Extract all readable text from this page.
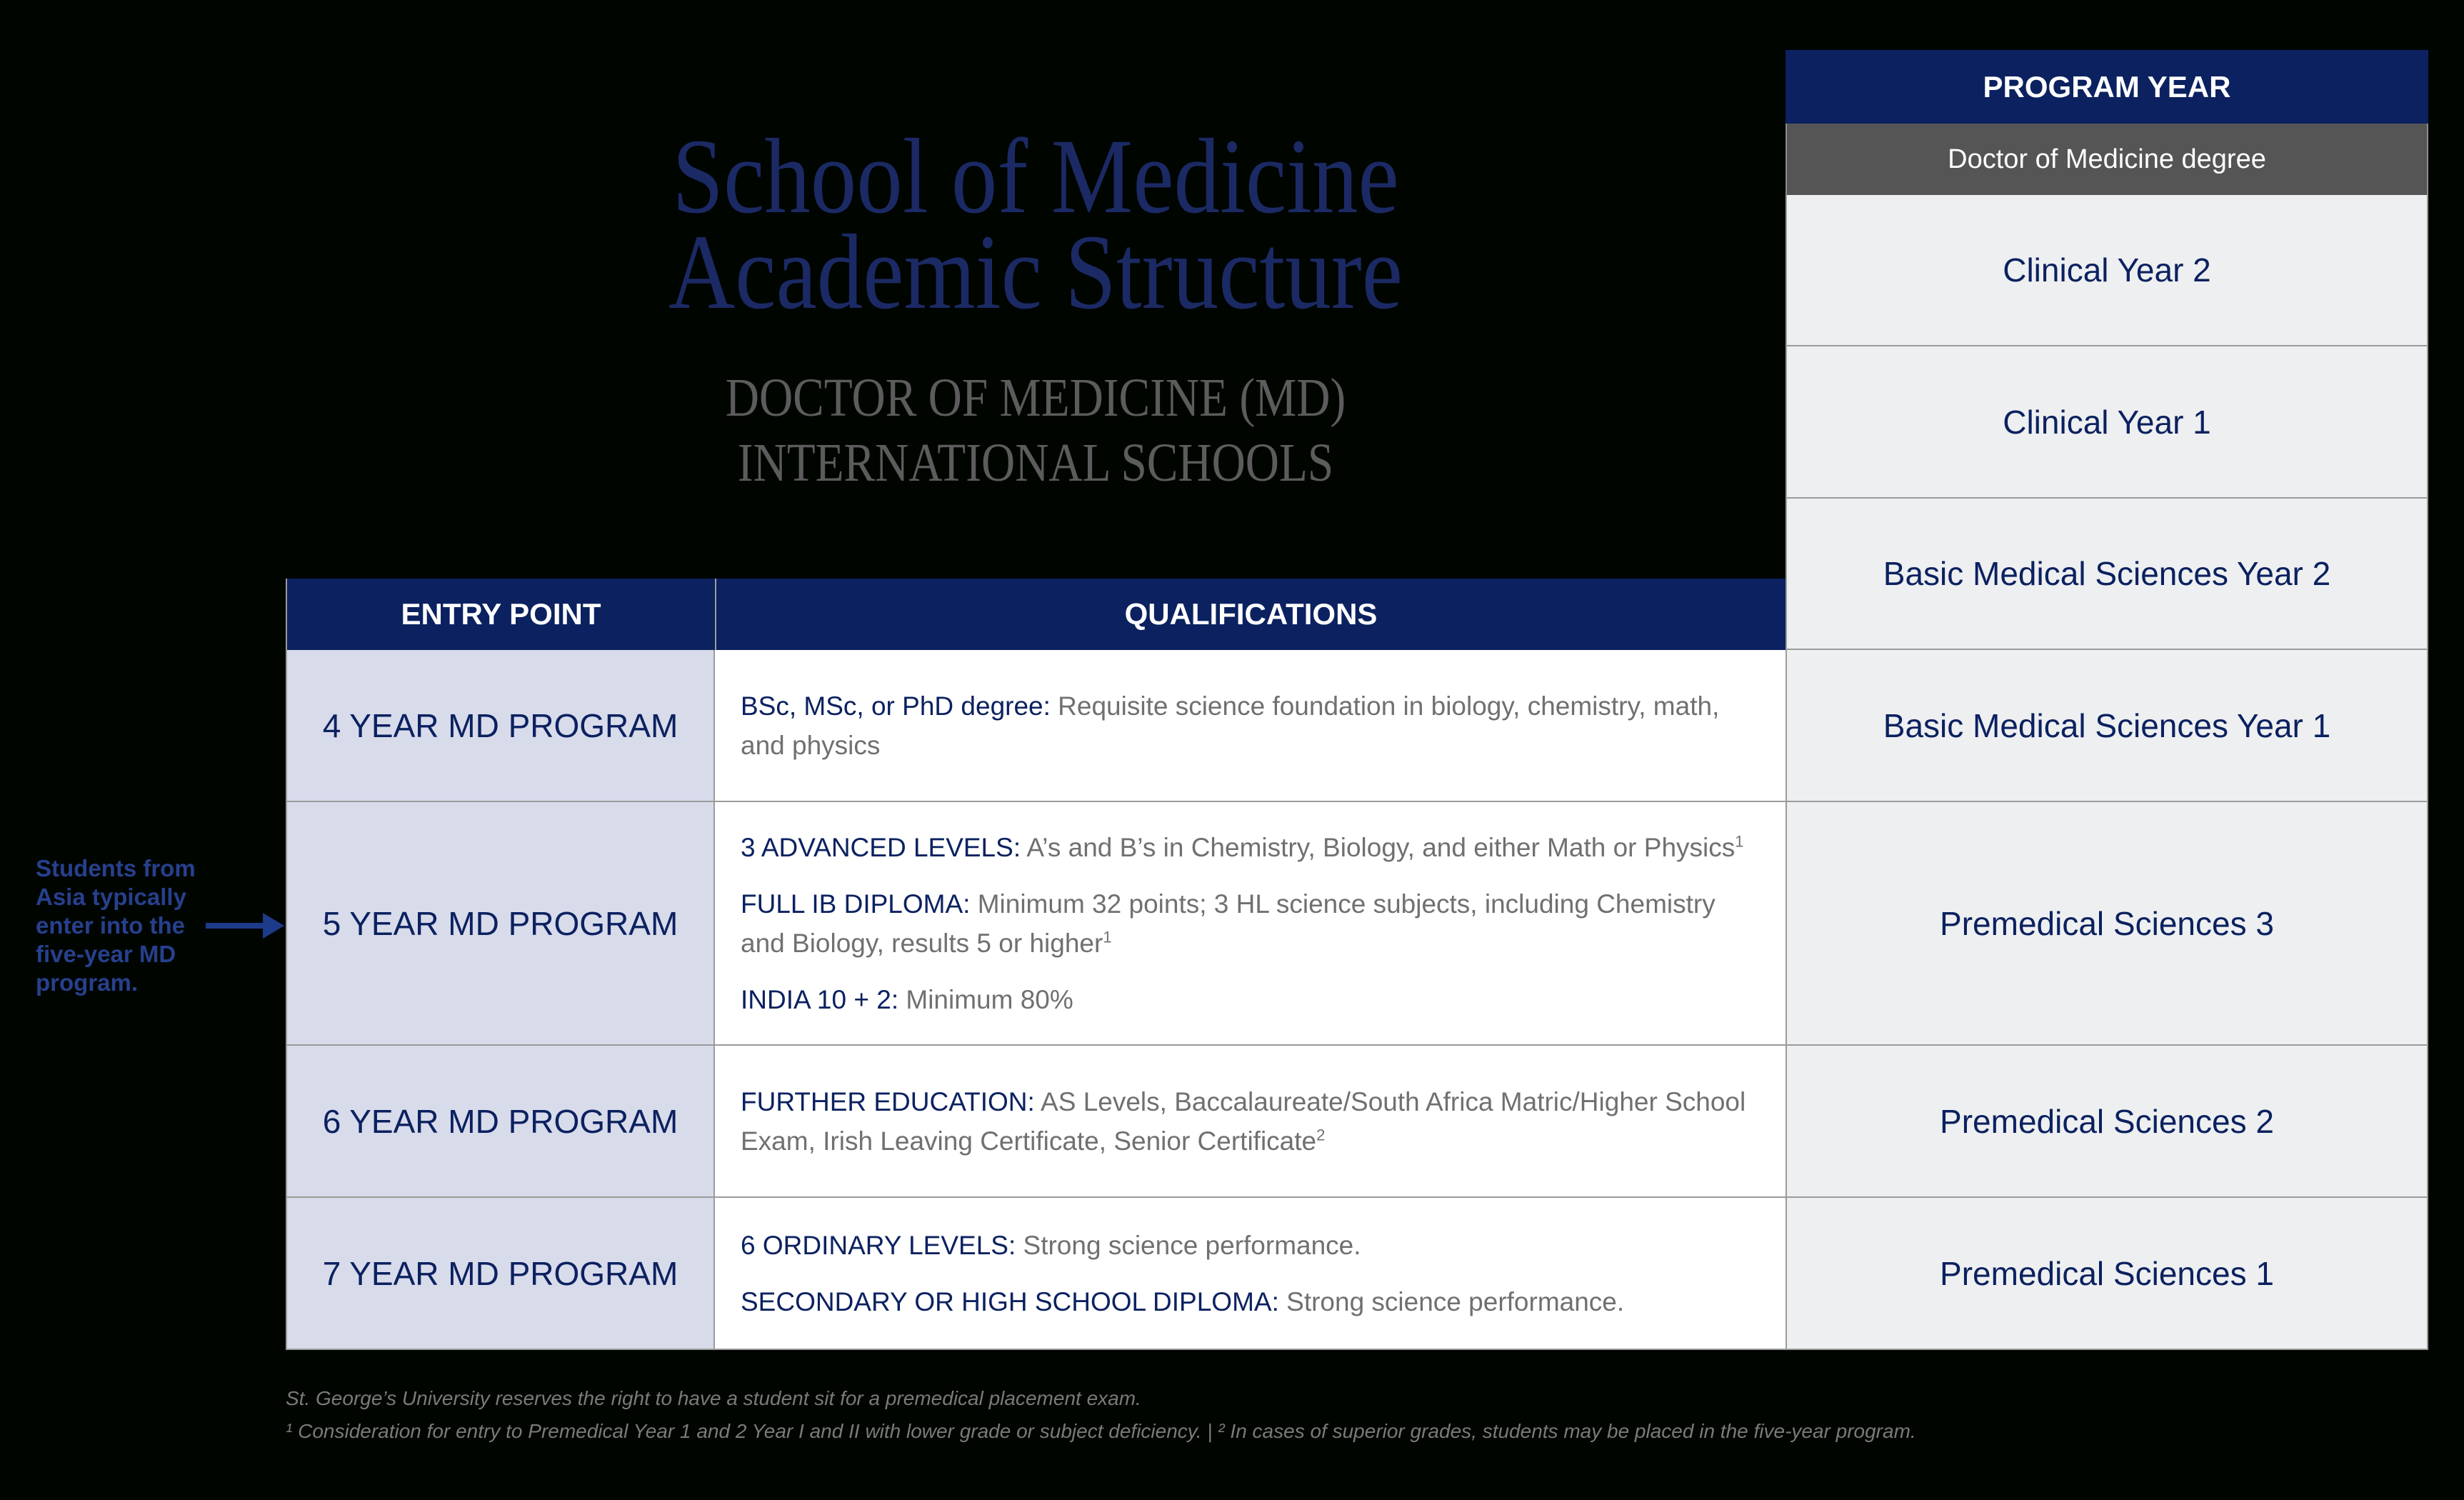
School of Medicine
Academic Structure
DOCTOR OF MEDICINE (MD)
INTERNATIONAL SCHOOLS
PROGRAM YEAR
Doctor of Medicine degree
Clinical Year 2
Clinical Year 1
Basic Medical Sciences Year 2
Basic Medical Sciences Year 1
Premedical Sciences 3
Premedical Sciences 2
Premedical Sciences 1
ENTRY POINT	QUALIFICATIONS
4 YEAR MD PROGRAM

BSc, MSc, or PhD degree: Requisite science foundation in biology, chemistry, math, and physics

5 YEAR MD PROGRAM

3 ADVANCED LEVELS: A’s and B’s in Chemistry, Biology, and either Math or Physics$^1$

FULL IB DIPLOMA: Minimum 32 points; 3 HL science subjects, including Chemistry and Biology, results 5 or higher$^1$

INDIA 10 + 2: Minimum 80%

6 YEAR MD PROGRAM

FURTHER EDUCATION: AS Levels, Baccalaureate/South Africa Matric/Higher School Exam, Irish Leaving Certificate, Senior Certificate$^2$

7 YEAR MD PROGRAM

6 ORDINARY LEVELS: Strong science performance.

SECONDARY OR HIGH SCHOOL DIPLOMA: Strong science performance.

Students from
Asia typically
enter into the
five-year MD
program.
St. George’s University reserves the right to have a student sit for a premedical placement exam.
¹ Consideration for entry to Premedical Year 1 and 2 Year I and II with lower grade or subject deficiency. | ² In cases of superior grades, students may be placed in the five-year program.
